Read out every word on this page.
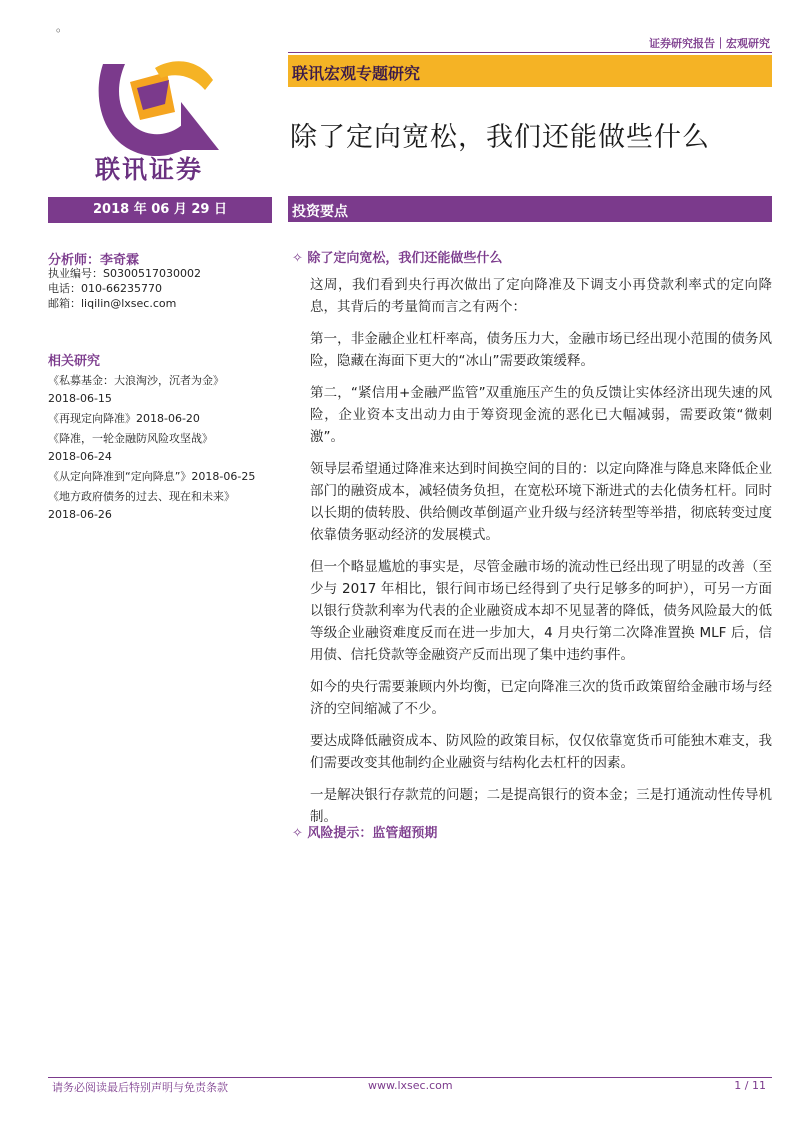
。
证券研究报告｜宏观研究
联讯证券
联讯宏观专题研究
除了定向宽松，我们还能做些什么
2018 年 06 月 29 日	投资要点
分析师：李奇霖
执业编号：S0300517030002
电话：010-66235770
邮箱：liqilin@lxsec.com
相关研究
《私募基金：大浪淘沙，沉者为金》
2018-06-15
《再现定向降准》2018-06-20
《降准，一轮金融防风险攻坚战》
2018-06-24
《从定向降准到“定向降息”》2018-06-25
《地方政府债务的过去、现在和未来》
2018-06-26
✧ 除了定向宽松，我们还能做些什么

这周，我们看到央行再次做出了定向降准及下调支小再贷款利率式的定向降息，其背后的考量简而言之有两个：

第一，非金融企业杠杆率高，债务压力大，金融市场已经出现小范围的债务风险，隐藏在海面下更大的“冰山”需要政策缓释。

第二，“紧信用+金融严监管”双重施压产生的负反馈让实体经济出现失速的风险，企业资本支出动力由于筹资现金流的恶化已大幅减弱，需要政策“微刺激”。

领导层希望通过降准来达到时间换空间的目的：以定向降准与降息来降低企业部门的融资成本，减轻债务负担，在宽松环境下渐进式的去化债务杠杆。同时以长期的债转股、供给侧改革倒逼产业升级与经济转型等举措，彻底转变过度依靠债务驱动经济的发展模式。

但一个略显尴尬的事实是，尽管金融市场的流动性已经出现了明显的改善（至少与 2017 年相比，银行间市场已经得到了央行足够多的呵护），可另一方面以银行贷款利率为代表的企业融资成本却不见显著的降低，债务风险最大的低等级企业融资难度反而在进一步加大，4 月央行第二次降准置换 MLF 后，信用债、信托贷款等金融资产反而出现了集中违约事件。

如今的央行需要兼顾内外均衡，已定向降准三次的货币政策留给金融市场与经济的空间缩减了不少。

要达成降低融资成本、防风险的政策目标，仅仅依靠宽货币可能独木难支，我们需要改变其他制约企业融资与结构化去杠杆的因素。

一是解决银行存款荒的问题；二是提高银行的资本金；三是打通流动性传导机制。

✧ 风险提示：监管超预期
请务必阅读最后特别声明与免责条款	www.lxsec.com	1 / 11
